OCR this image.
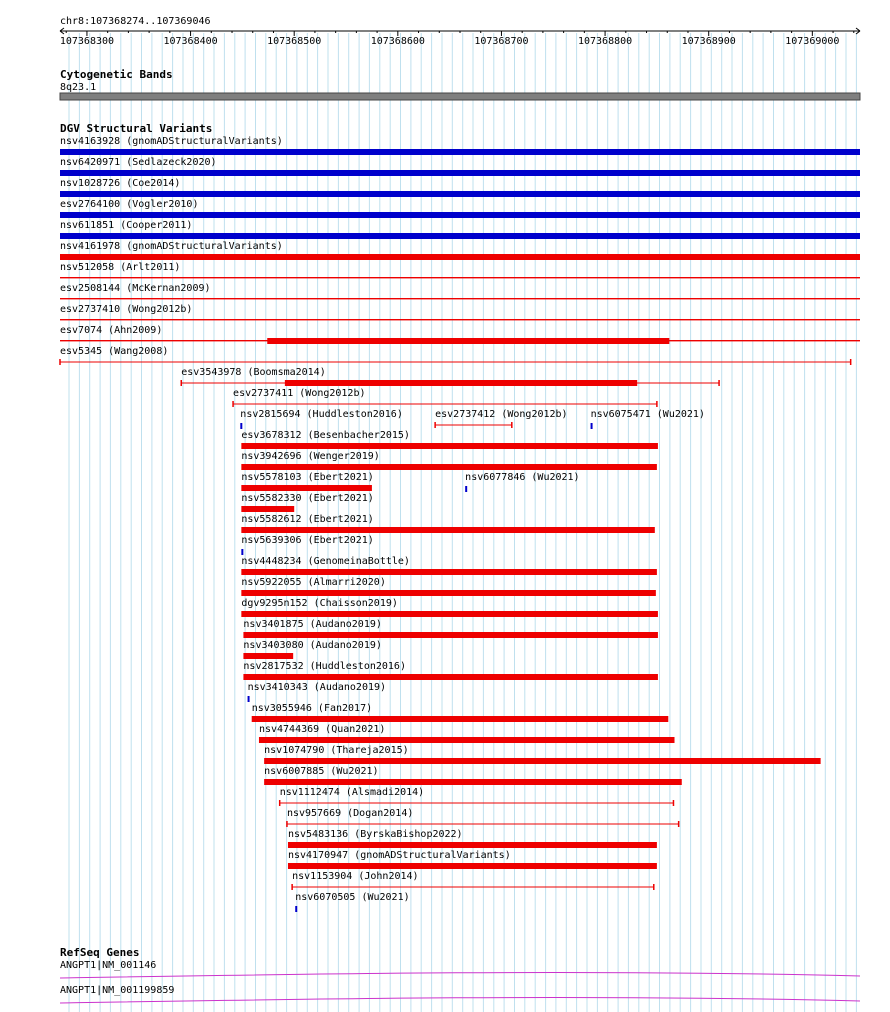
chr8:107368274..107369046
107368300	107368400	107368500	107368600	107368700	107368800	107368900	107369000
Cytogenetic Bands
8q23.1
DGV Structural Variants
nsv4163928 (gnomADStructuralVariants)
nsv6420971 (Sedlazeck2020)
nsv1028726 (Coe2014)
esv2764100 (Vogler2010)
nsv611851 (Cooper2011)
nsv4161978 (gnomADStructuralVariants)
nsv512058 (Arlt2011)
esv2508144 (McKernan2009)
esv2737410 (Wong2012b)
esv7074 (Ahn2009)
esv5345 (Wang2008)
esv3543978 (Boomsma2014)
esv2737411 (Wong2012b)
nsv2815694 (Huddleston2016)	esv2737412 (Wong2012b) nsv6075471 (Wu2021)
esv3678312 (Besenbacher2015)
nsv3942696 (Wenger2019)
nsv5578103 (Ebert2021)	nsv6077846 (Wu2021)
nsv5582330 (Ebert2021)
nsv5582612 (Ebert2021)
nsv5639306 (Ebert2021)
nsv4448234 (GenomeinaBottle)
nsv5922055 (Almarri2020)
dgv9295n152 (Chaisson2019)
nsv3401875 (Audano2019)
nsv3403080 (Audano2019)
nsv2817532 (Huddleston2016)
nsv3410343 (Audano2019)
nsv3055946 (Fan2017)
nsv4744369 (Quan2021)
nsv1074790 (Thareja2015)
nsv6007885 (Wu2021)
nsv1112474 (Alsmadi2014)
nsv957669 (Dogan2014)
nsv5483136 (ByrskaBishop2022)
nsv4170947 (gnomADStructuralVariants)
nsv1153904 (John2014)
nsv6070505 (Wu2021)
RefSeq Genes
ANGPT1|NM_001146
ANGPT1|NM_001199859
